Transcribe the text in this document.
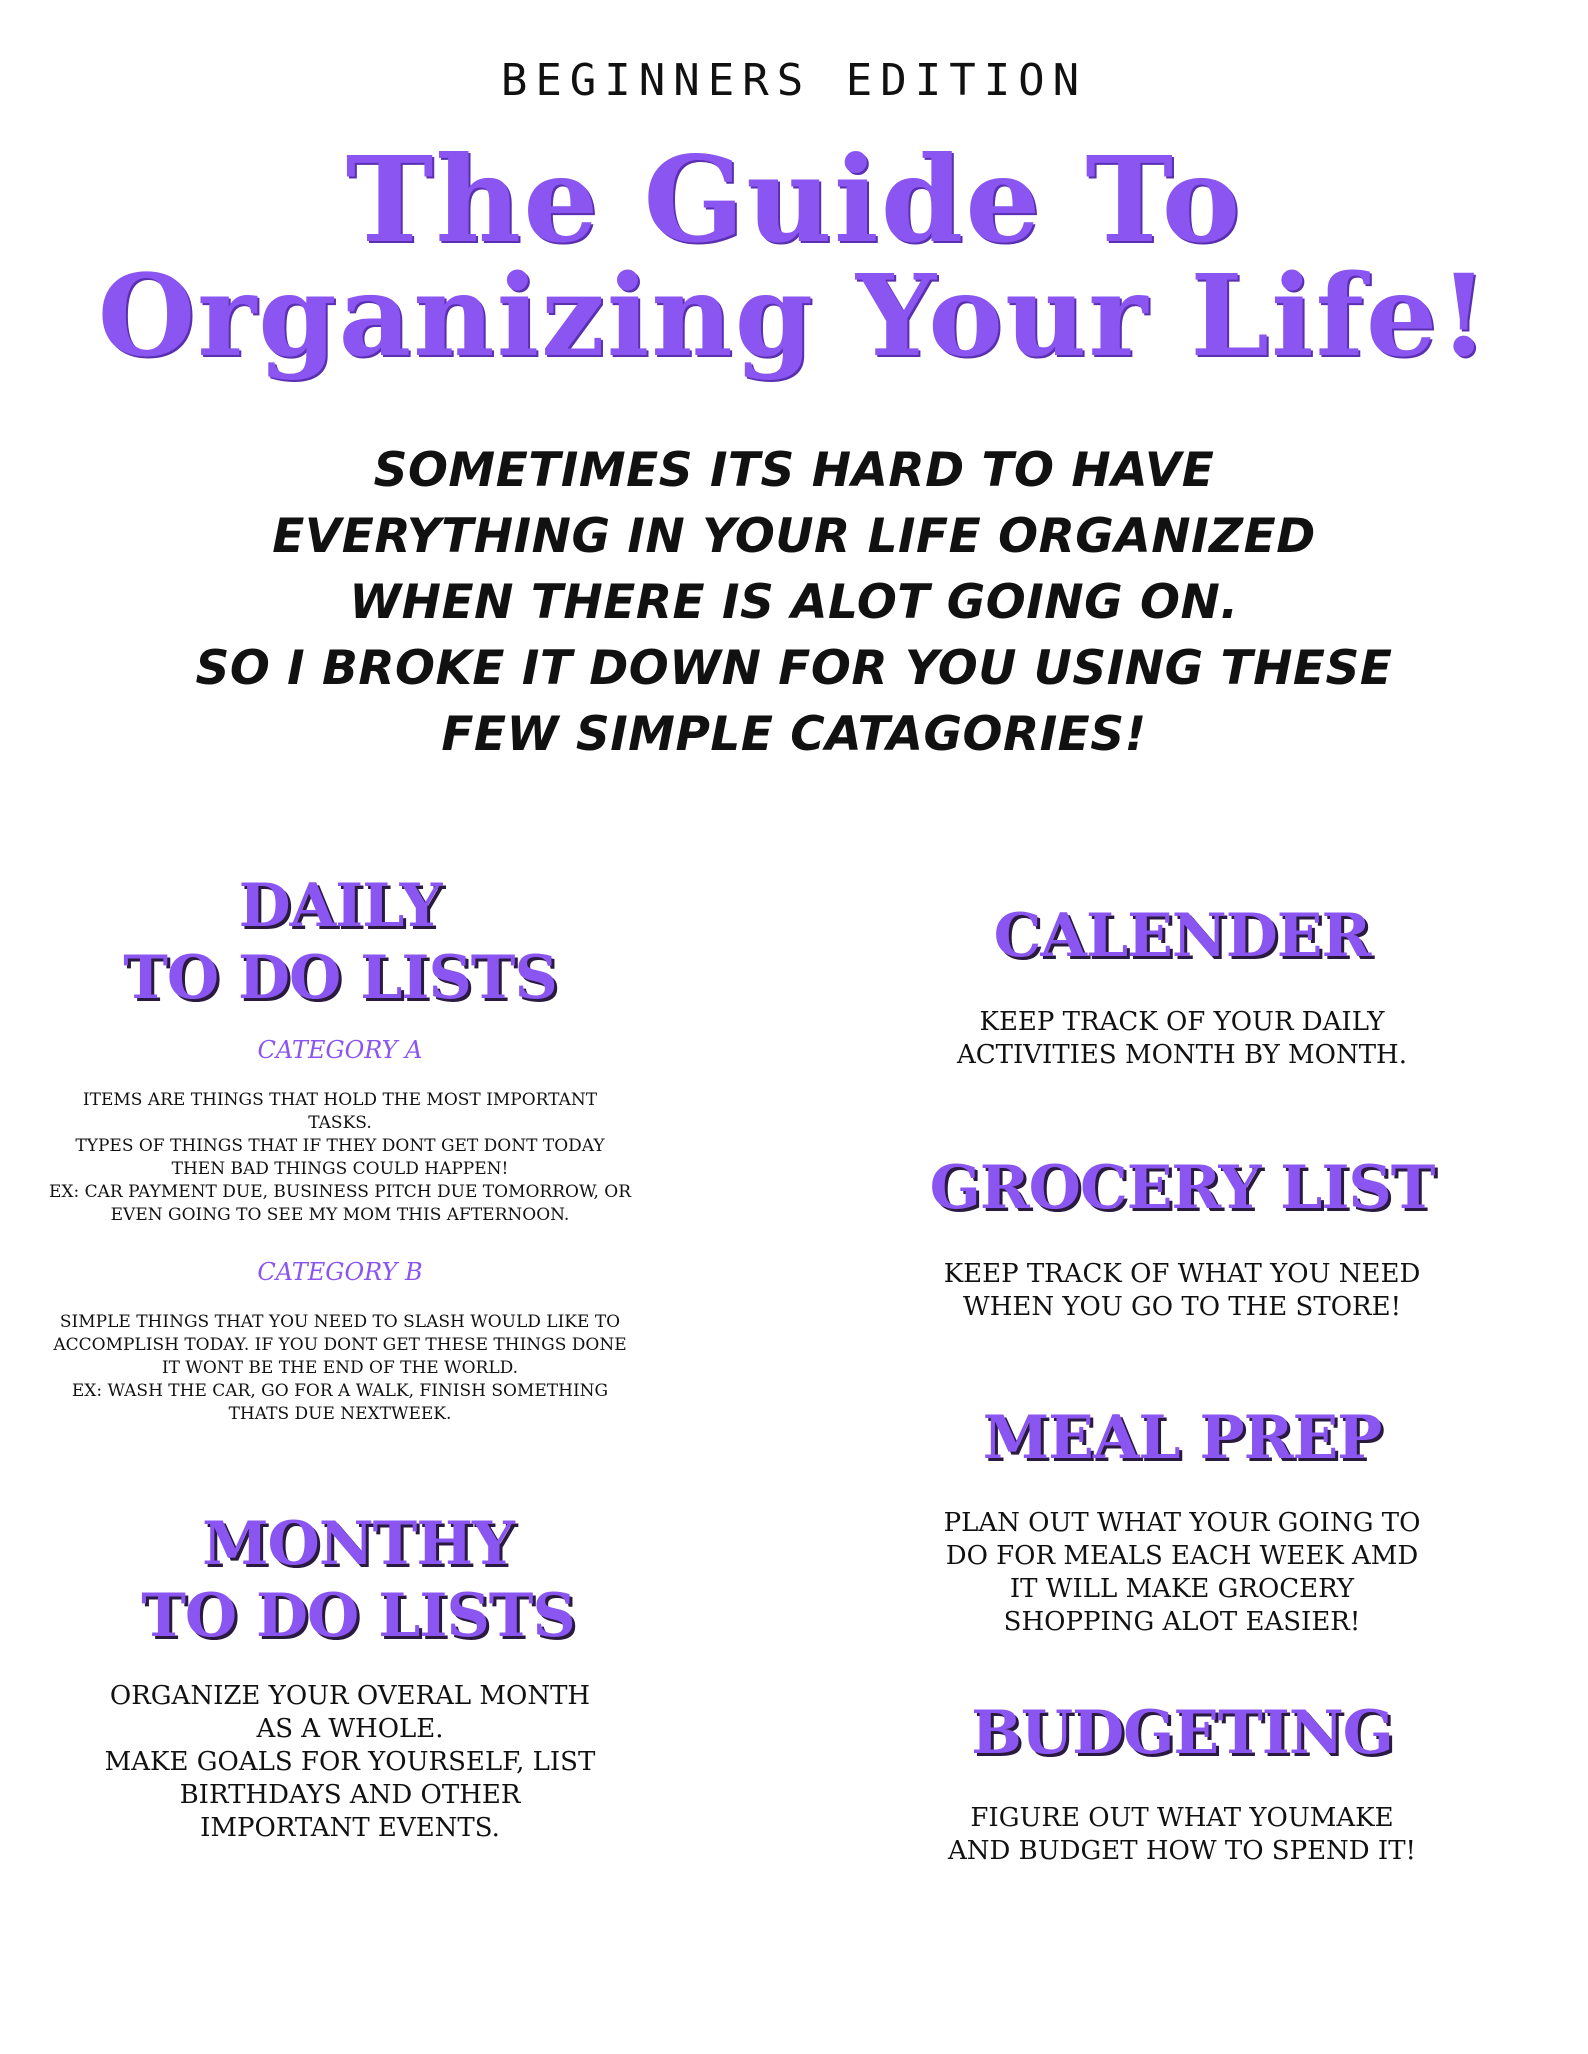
BEGINNERS EDITION
The Guide To
Organizing Your Life!
SOMETIMES ITS HARD TO HAVE
EVERYTHING IN YOUR LIFE ORGANIZED
WHEN THERE IS ALOT GOING ON.
SO I BROKE IT DOWN FOR YOU USING THESE
FEW SIMPLE CATAGORIES!
DAILY
TO DO LISTS

CATEGORY A

ITEMS ARE THINGS THAT HOLD THE MOST IMPORTANT
TASKS.
TYPES OF THINGS THAT IF THEY DONT GET DONT TODAY
THEN BAD THINGS COULD HAPPEN!
EX: CAR PAYMENT DUE, BUSINESS PITCH DUE TOMORROW, OR
EVEN GOING TO SEE MY MOM THIS AFTERNOON.

CATEGORY B

SIMPLE THINGS THAT YOU NEED TO SLASH WOULD LIKE TO
ACCOMPLISH TODAY. IF YOU DONT GET THESE THINGS DONE
IT WONT BE THE END OF THE WORLD.
EX: WASH THE CAR, GO FOR A WALK, FINISH SOMETHING
THATS DUE NEXTWEEK.
MONTHY
TO DO LISTS
ORGANIZE YOUR OVERAL MONTH
AS A WHOLE.
MAKE GOALS FOR YOURSELF, LIST
BIRTHDAYS AND OTHER
IMPORTANT EVENTS.
CALENDER
KEEP TRACK OF YOUR DAILY
ACTIVITIES MONTH BY MONTH.
GROCERY LIST
KEEP TRACK OF WHAT YOU NEED
WHEN YOU GO TO THE STORE!
MEAL PREP
PLAN OUT WHAT YOUR GOING TO
DO FOR MEALS EACH WEEK AMD
IT WILL MAKE GROCERY
SHOPPING ALOT EASIER!
BUDGETING
FIGURE OUT WHAT YOUMAKE
AND BUDGET HOW TO SPEND IT!
